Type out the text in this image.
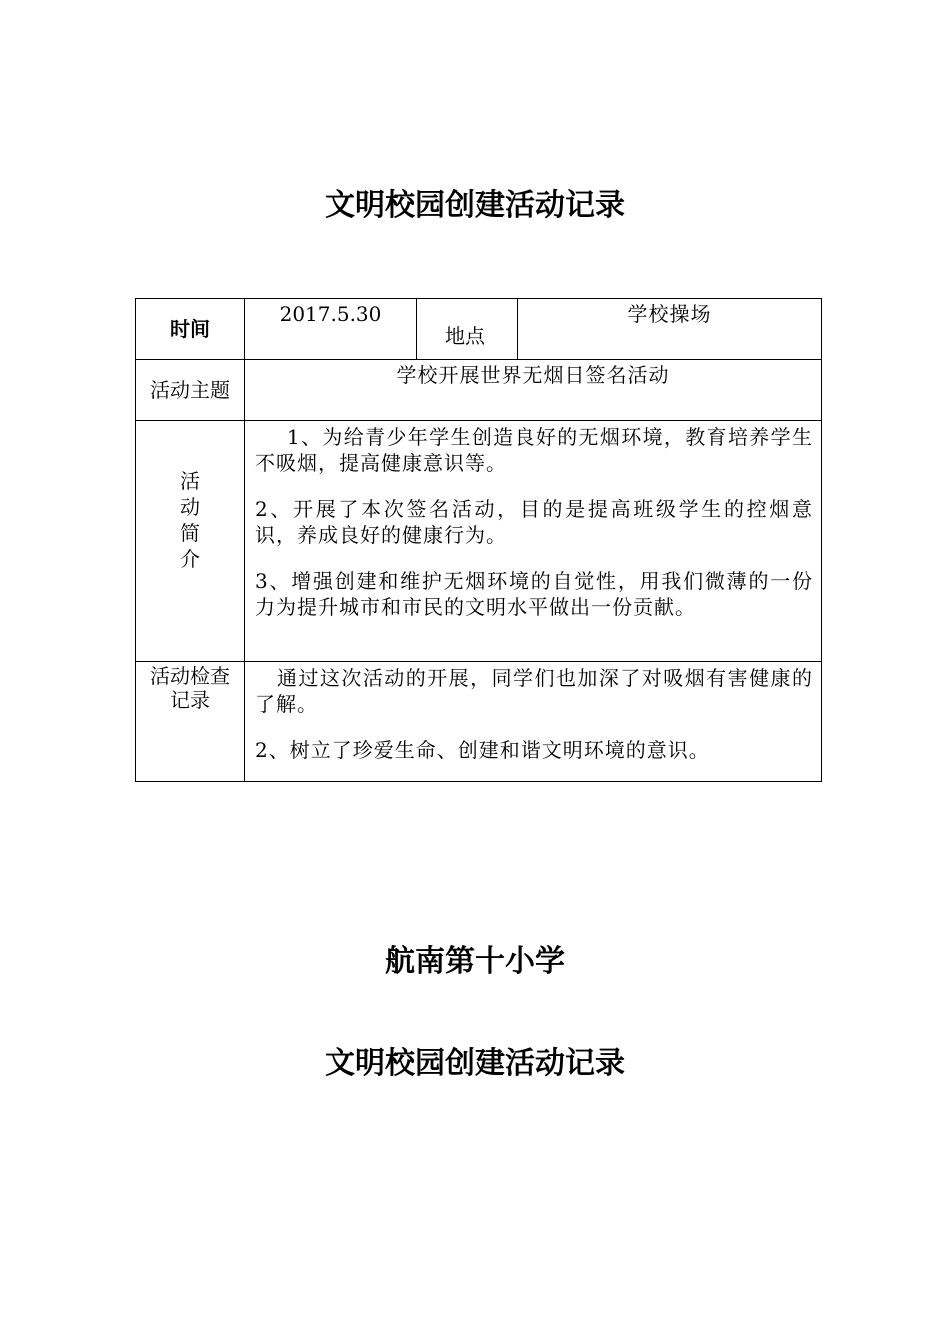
文明校园创建活动记录
时间	2017.5.30	地点	学校操场
活动主题	学校开展世界无烟日签名活动		
活动简介	1、为给青少年学生创造良好的无烟环境，教育培养学生不吸烟，提高健康意识等。

2、开展了本次签名活动，目的是提高班级学生的控烟意识，养成良好的健康行为。

3、增强创建和维护无烟环境的自觉性，用我们微薄的一份力为提升城市和市民的文明水平做出一份贡献。		

活动检查记录	通过这次活动的开展，同学们也加深了对吸烟有害健康的了解。

2、树立了珍爱生命、创建和谐文明环境的意识。		

航南第十小学
文明校园创建活动记录
